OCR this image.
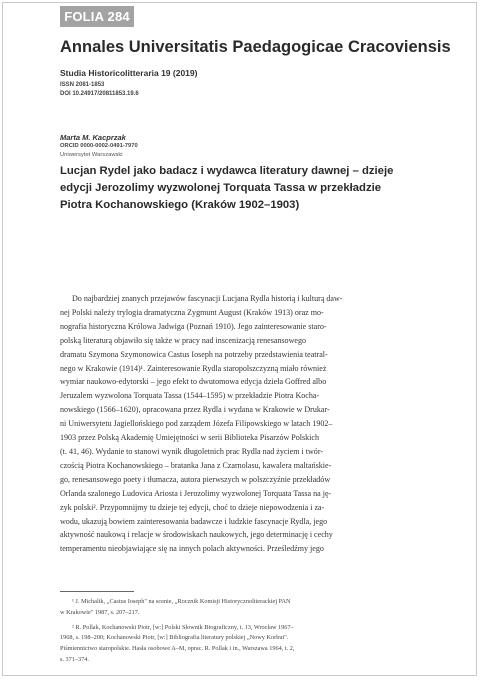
FOLIA 284
Annales Universitatis Paedagogicae Cracoviensis
Studia Historicolitteraria 19 (2019)
ISSN 2081-1853
DOI 10.24917/20811853.19.6
Marta M. Kacprzak
ORCID 0000-0002-0491-7970
Uniwersytet Warszawski
Lucjan Rydel jako badacz i wydawca literatury dawnej – dzieje
edycji Jerozolimy wyzwolonej Torquata Tassa w przekładzie
Piotra Kochanowskiego (Kraków 1902–1903)
Do najbardziej znanych przejawów fascynacji Lucjana Rydla historią i kulturą daw-
nej Polski należy trylogia dramatyczna Zygmunt August (Kraków 1913) oraz mo-
nografia historyczna Królowa Jadwiga (Poznań 1910). Jego zainteresowanie staro-
polską literaturą objawiło się także w pracy nad inscenizacją renesansowego
dramatu Szymona Szymonowica Castus Ioseph na potrzeby przedstawienia teatral-
nego w Krakowie (1914)¹. Zainteresowanie Rydla staropolszczyzną miało również
wymiar naukowo-edytorski – jego efekt to dwutomowa edycja dzieła Goffred albo
Jeruzalem wyzwolona Torquata Tassa (1544–1595) w przekładzie Piotra Kocha-
nowskiego (1566–1620), opracowana przez Rydla i wydana w Krakowie w Drukar-
ni Uniwersytetu Jagiellońskiego pod zarządem Józefa Filipowskiego w latach 1902–
1903 przez Polską Akademię Umiejętności w serii Biblioteka Pisarzów Polskich
(t. 41, 46). Wydanie to stanowi wynik długoletnich prac Rydla nad życiem i twór-
czością Piotra Kochanowskiego – bratanka Jana z Czarnolasu, kawalera maltańskie-
go, renesansowego poety i tłumacza, autora pierwszych w polszczyźnie przekładów
Orlanda szalonego Ludovica Ariosta i Jerozolimy wyzwolonej Torquata Tassa na ję-
zyk polski². Przypomnijmy tu dzieje tej edycji, choć to dzieje niepowodzenia i za-
wodu, ukazują bowiem zainteresowania badawcze i ludzkie fascynacje Rydla, jego
aktywność naukową i relacje w środowiskach naukowych, jego determinację i cechy
temperamentu nieobjawiające się na innych polach aktywności. Prześledźmy jego
¹ J. Michalik, „Castus Ioseph" na scenie, „Rocznik Komisji Historycznoliterackiej PAN
w Krakowie" 1987, s. 207–217.
² R. Pollak, Kochanowski Piotr, [w:] Polski Słownik Biograficzny, t. 13, Wrocław 1967–
1968, s. 198–200; Kochanowski Piotr, [w:] Bibliografia literatury polskiej „Nowy Korbut".
Piśmiennictwo staropolskie. Hasła osobowe A–M, oprac. R. Pollak i in., Warszawa 1964, t. 2,
s. 371–374.
